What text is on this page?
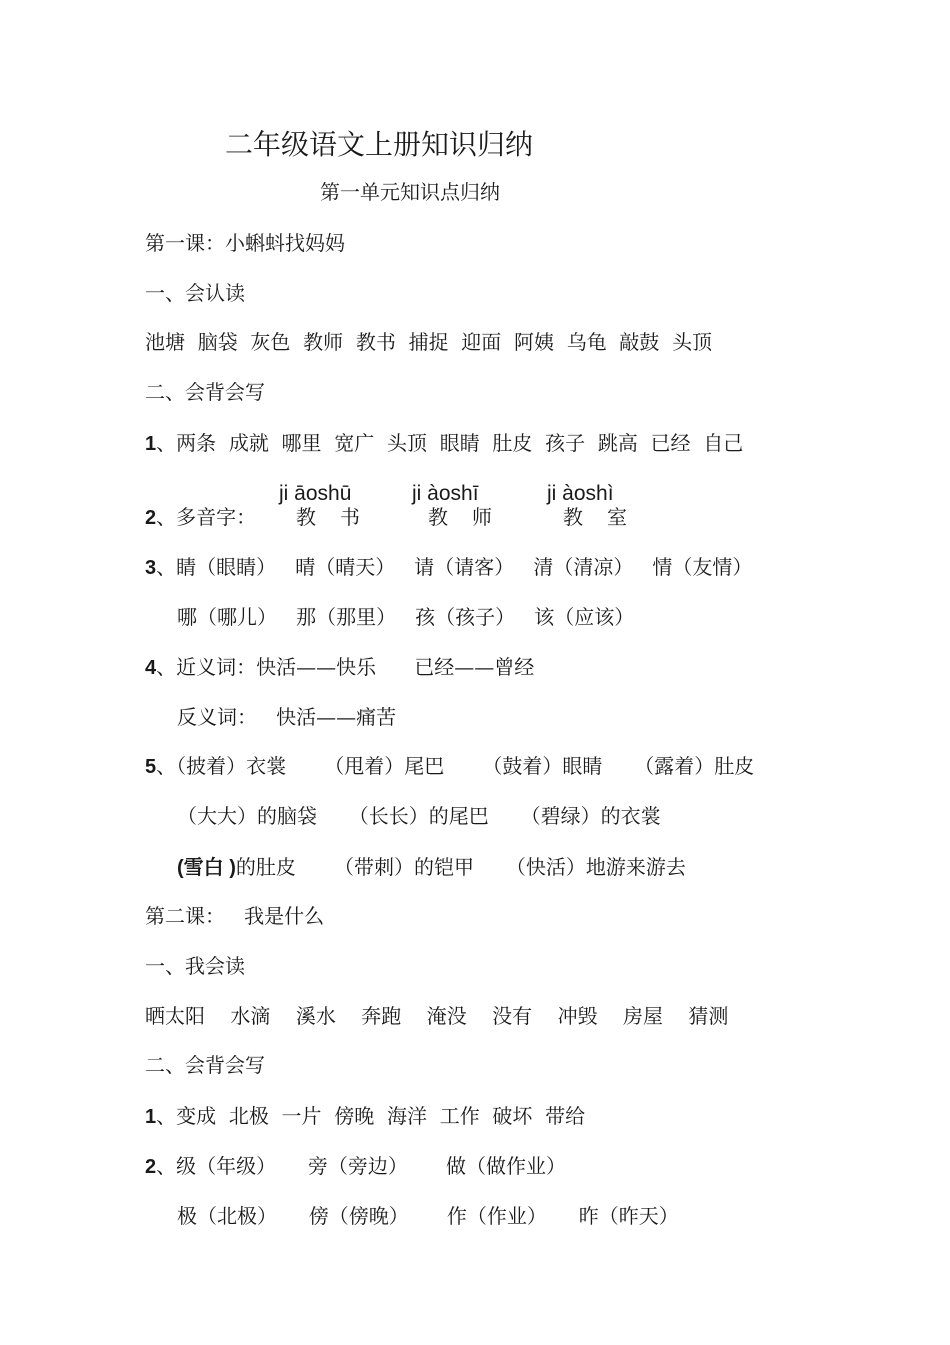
二年级语文上册知识归纳
第一单元知识点归纳
第一课：小蝌蚪找妈妈
一、会认读
池塘  脑袋  灰色  教师  教书  捕捉  迎面  阿姨  乌龟  敲鼓  头顶
二、会背会写
1、两条  成就  哪里  宽广  头顶  眼睛  肚皮  孩子  跳高  已经  自己
2、多音字：
ji āoshū
教 书
ji àoshī
教 师
ji àoshì
教 室
3、睛（眼睛）   晴（晴天）   请（请客）   清（清凉）   情（友情）
哪（哪儿）   那（那里）   孩（孩子）   该（应该）
4、近义词：快活——快乐      已经——曾经
反义词：   快活——痛苦
5、（披着）衣裳      （甩着）尾巴      （鼓着）眼睛     （露着）肚皮
（大大）的脑袋     （长长）的尾巴     （碧绿）的衣裳
(雪白 )的肚皮      （带刺）的铠甲     （快活）地游来游去
第二课：   我是什么
一、我会读
晒太阳    水滴    溪水    奔跑    淹没    没有    冲毁    房屋    猜测
二、会背会写
1、变成  北极  一片  傍晚  海洋  工作  破坏  带给
2、级（年级）     旁（旁边）      做（做作业）
极（北极）     傍（傍晚）      作（作业）     昨（昨天）
